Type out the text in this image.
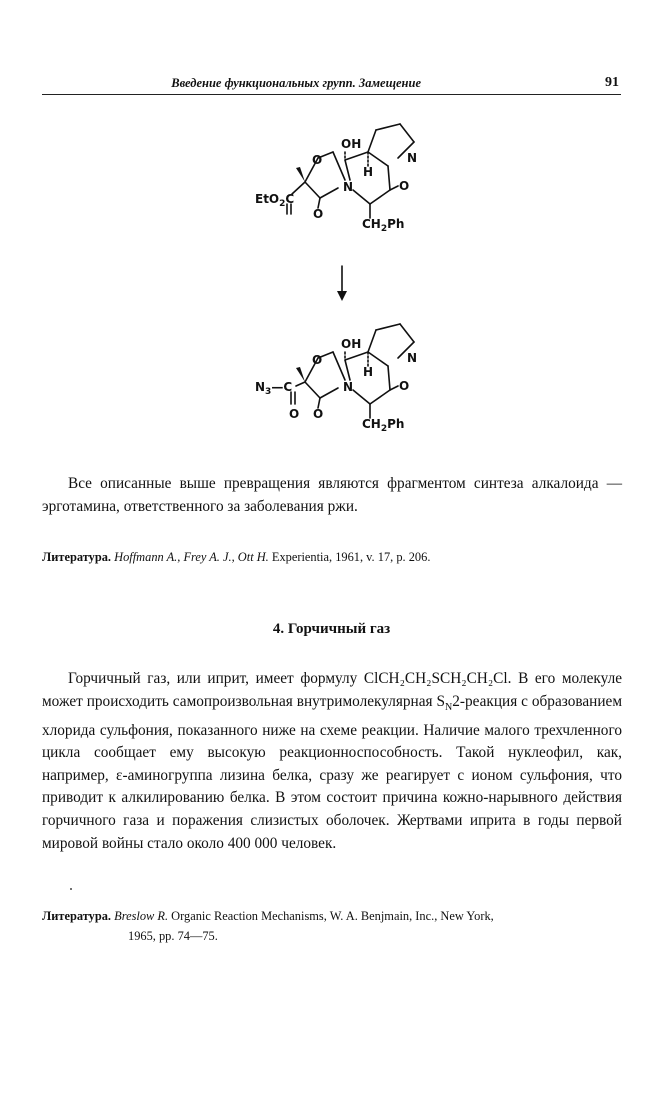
Введение функциональных групп. Замещение	91
OH
O
N
N
H
O
O
EtO$_2$C
$CH_2Ph$
OH
O
N
N
H
O
O
O
$N_3—C$
$CH_2Ph$

Все описанные выше превращения являются фрагментом синтеза алкалоида — эрготамина, ответственного за заболевания ржи.

Литература. Hoffmann A., Frey A. J., Ott H. Experientia, 1961, v. 17, p. 206.
4. Горчичный газ

Горчичный газ, или иприт, имеет формулу ClCH₂CH₂SCH₂CH₂Cl. В его молекуле может происходить самопроизвольная внутримолекулярная $S_N2$-реакция с образованием хлорида сульфония, показанного ниже на схеме реакции. Наличие малого трехчленного цикла сообщает ему высокую реакционноспособность. Такой нуклеофил, как, например, ε-аминогруппа лизина белка, сразу же реагирует с ионом сульфония, что приводит к алкилированию белка. В этом состоит причина кожно-нарывного действия горчичного газа и поражения слизистых оболочек. Жертвами иприта в годы первой мировой войны стало около 400 000 человек.

Литература. Breslow R. Organic Reaction Mechanisms, W. A. Benjmain, Inc., New York,
1965, pp. 74—75.
